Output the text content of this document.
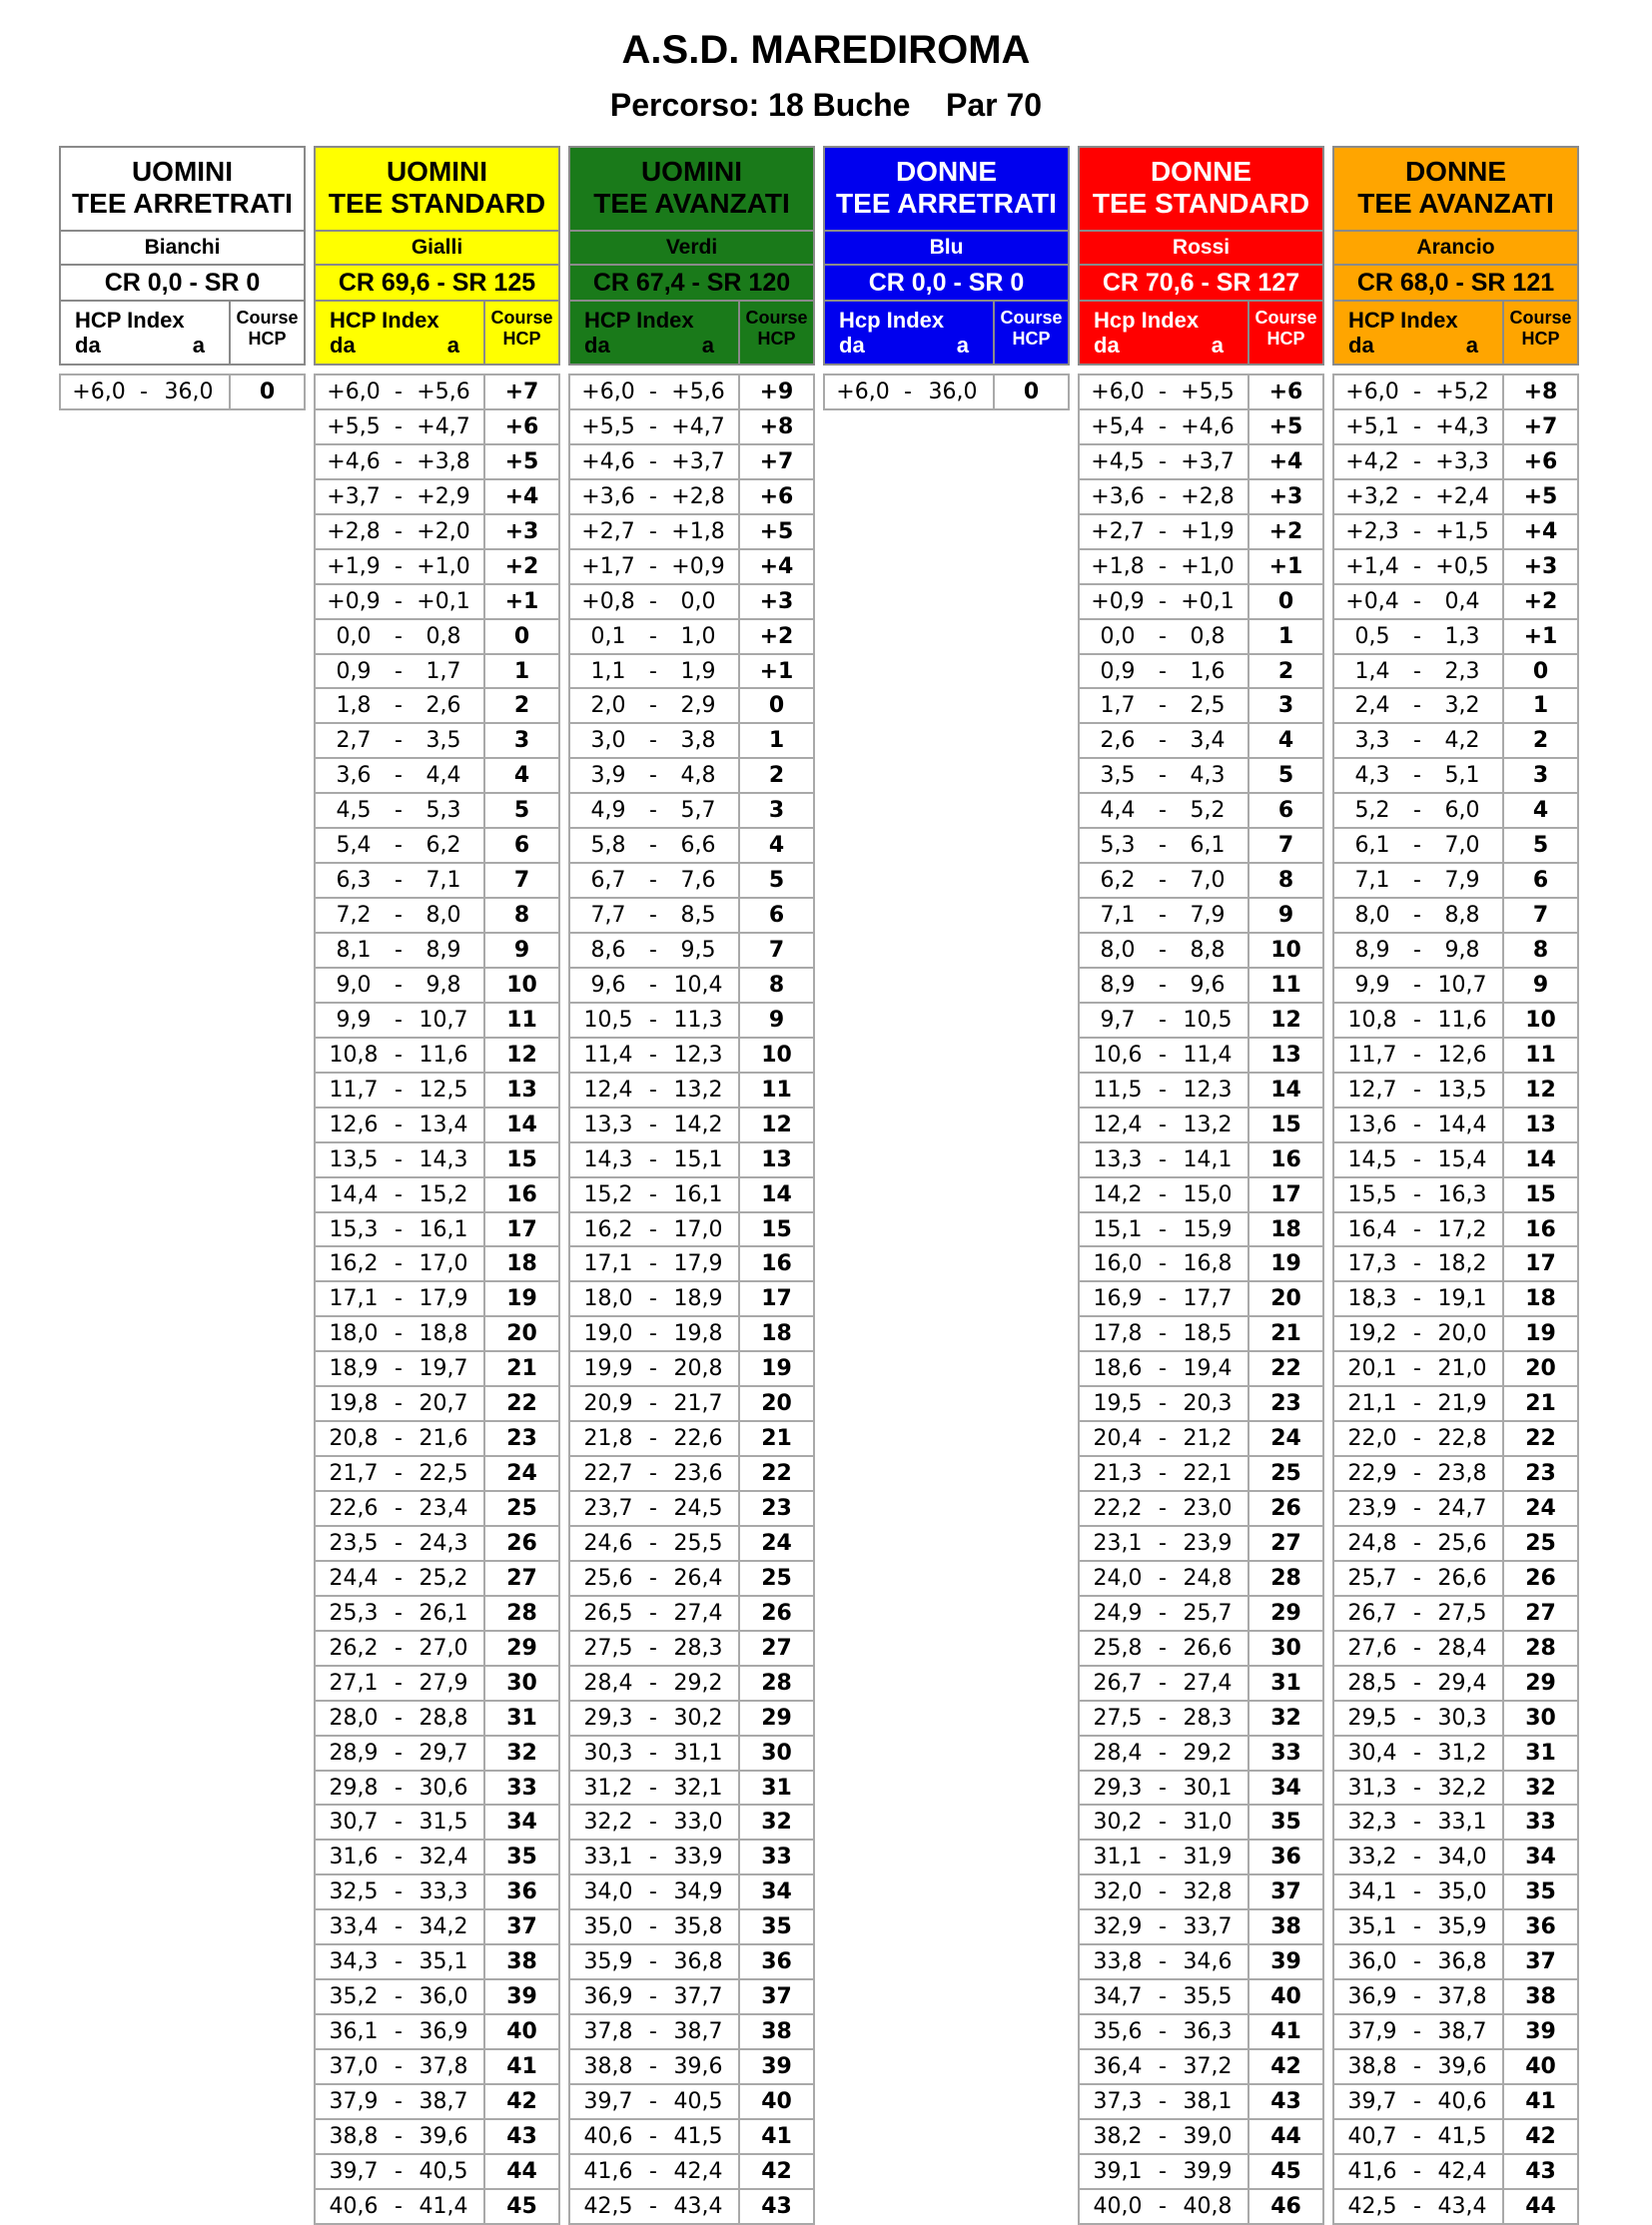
A.S.D. MAREDIROMA
Percorso: 18 Buche    Par 70
UOMINI
TEE ARRETRATI
Bianchi
CR 0,0 - SR 0
HCP Index
da	a
Course
HCP
+6,0 - 36,0	0
UOMINI
TEE STANDARD
Gialli
CR 69,6 - SR 125
HCP Index
da	a
Course
HCP
+6,0 - +5,6	+7
+5,5 - +4,7	+6
+4,6 - +3,8	+5
+3,7 - +2,9	+4
+2,8 - +2,0	+3
+1,9 - +1,0	+2
+0,9 - +0,1	+1
0,0	-	0,8	0
0,9	-	1,7	1
1,8	-	2,6	2
2,7	-	3,5	3
3,6	-	4,4	4
4,5	-	5,3	5
5,4	-	6,2	6
6,3	-	7,1	7
7,2	-	8,0	8
8,1	-	8,9	9
9,0	-	9,8	10
9,9	- 10,7	11
10,8 - 11,6	12
11,7 - 12,5	13
12,6 - 13,4	14
13,5 - 14,3	15
14,4 - 15,2	16
15,3 - 16,1	17
16,2 - 17,0	18
17,1 - 17,9	19
18,0 - 18,8	20
18,9 - 19,7	21
19,8 - 20,7	22
20,8 - 21,6	23
21,7 - 22,5	24
22,6 - 23,4	25
23,5 - 24,3	26
24,4 - 25,2	27
25,3 - 26,1	28
26,2 - 27,0	29
27,1 - 27,9	30
28,0 - 28,8	31
28,9 - 29,7	32
29,8 - 30,6	33
30,7 - 31,5	34
31,6 - 32,4	35
32,5 - 33,3	36
33,4 - 34,2	37
34,3 - 35,1	38
35,2 - 36,0	39
36,1 - 36,9	40
37,0 - 37,8	41
37,9 - 38,7	42
38,8 - 39,6	43
39,7 - 40,5	44
40,6 - 41,4	45
UOMINI
TEE AVANZATI
Verdi
CR 67,4 - SR 120
HCP Index
da	a
Course
HCP
+6,0 - +5,6	+9
+5,5 - +4,7	+8
+4,6 - +3,7	+7
+3,6 - +2,8	+6
+2,7 - +1,8	+5
+1,7 - +0,9	+4
+0,8 -	0,0	+3
0,1	-	1,0	+2
1,1	-	1,9	+1
2,0	-	2,9	0
3,0	-	3,8	1
3,9	-	4,8	2
4,9	-	5,7	3
5,8	-	6,6	4
6,7	-	7,6	5
7,7	-	8,5	6
8,6	-	9,5	7
9,6	- 10,4	8
10,5 - 11,3	9
11,4 - 12,3	10
12,4 - 13,2	11
13,3 - 14,2	12
14,3 - 15,1	13
15,2 - 16,1	14
16,2 - 17,0	15
17,1 - 17,9	16
18,0 - 18,9	17
19,0 - 19,8	18
19,9 - 20,8	19
20,9 - 21,7	20
21,8 - 22,6	21
22,7 - 23,6	22
23,7 - 24,5	23
24,6 - 25,5	24
25,6 - 26,4	25
26,5 - 27,4	26
27,5 - 28,3	27
28,4 - 29,2	28
29,3 - 30,2	29
30,3 - 31,1	30
31,2 - 32,1	31
32,2 - 33,0	32
33,1 - 33,9	33
34,0 - 34,9	34
35,0 - 35,8	35
35,9 - 36,8	36
36,9 - 37,7	37
37,8 - 38,7	38
38,8 - 39,6	39
39,7 - 40,5	40
40,6 - 41,5	41
41,6 - 42,4	42
42,5 - 43,4	43
DONNE
TEE ARRETRATI
Blu
CR 0,0 - SR 0
Hcp Index
da	a
Course
HCP
+6,0 - 36,0	0
DONNE
TEE STANDARD
Rossi
CR 70,6 - SR 127
Hcp Index
da	a
Course
HCP
+6,0 - +5,5	+6
+5,4 - +4,6	+5
+4,5 - +3,7	+4
+3,6 - +2,8	+3
+2,7 - +1,9	+2
+1,8 - +1,0	+1
+0,9 - +0,1	0
0,0	-	0,8	1
0,9	-	1,6	2
1,7	-	2,5	3
2,6	-	3,4	4
3,5	-	4,3	5
4,4	-	5,2	6
5,3	-	6,1	7
6,2	-	7,0	8
7,1	-	7,9	9
8,0	-	8,8	10
8,9	-	9,6	11
9,7	- 10,5	12
10,6 - 11,4	13
11,5 - 12,3	14
12,4 - 13,2	15
13,3 - 14,1	16
14,2 - 15,0	17
15,1 - 15,9	18
16,0 - 16,8	19
16,9 - 17,7	20
17,8 - 18,5	21
18,6 - 19,4	22
19,5 - 20,3	23
20,4 - 21,2	24
21,3 - 22,1	25
22,2 - 23,0	26
23,1 - 23,9	27
24,0 - 24,8	28
24,9 - 25,7	29
25,8 - 26,6	30
26,7 - 27,4	31
27,5 - 28,3	32
28,4 - 29,2	33
29,3 - 30,1	34
30,2 - 31,0	35
31,1 - 31,9	36
32,0 - 32,8	37
32,9 - 33,7	38
33,8 - 34,6	39
34,7 - 35,5	40
35,6 - 36,3	41
36,4 - 37,2	42
37,3 - 38,1	43
38,2 - 39,0	44
39,1 - 39,9	45
40,0 - 40,8	46
DONNE
TEE AVANZATI
Arancio
CR 68,0 - SR 121
HCP Index
da	a
Course
HCP
+6,0 - +5,2	+8
+5,1 - +4,3	+7
+4,2 - +3,3	+6
+3,2 - +2,4	+5
+2,3 - +1,5	+4
+1,4 - +0,5	+3
+0,4 -	0,4	+2
0,5	-	1,3	+1
1,4	-	2,3	0
2,4	-	3,2	1
3,3	-	4,2	2
4,3	-	5,1	3
5,2	-	6,0	4
6,1	-	7,0	5
7,1	-	7,9	6
8,0	-	8,8	7
8,9	-	9,8	8
9,9	- 10,7	9
10,8 - 11,6	10
11,7 - 12,6	11
12,7 - 13,5	12
13,6 - 14,4	13
14,5 - 15,4	14
15,5 - 16,3	15
16,4 - 17,2	16
17,3 - 18,2	17
18,3 - 19,1	18
19,2 - 20,0	19
20,1 - 21,0	20
21,1 - 21,9	21
22,0 - 22,8	22
22,9 - 23,8	23
23,9 - 24,7	24
24,8 - 25,6	25
25,7 - 26,6	26
26,7 - 27,5	27
27,6 - 28,4	28
28,5 - 29,4	29
29,5 - 30,3	30
30,4 - 31,2	31
31,3 - 32,2	32
32,3 - 33,1	33
33,2 - 34,0	34
34,1 - 35,0	35
35,1 - 35,9	36
36,0 - 36,8	37
36,9 - 37,8	38
37,9 - 38,7	39
38,8 - 39,6	40
39,7 - 40,6	41
40,7 - 41,5	42
41,6 - 42,4	43
42,5 - 43,4	44
